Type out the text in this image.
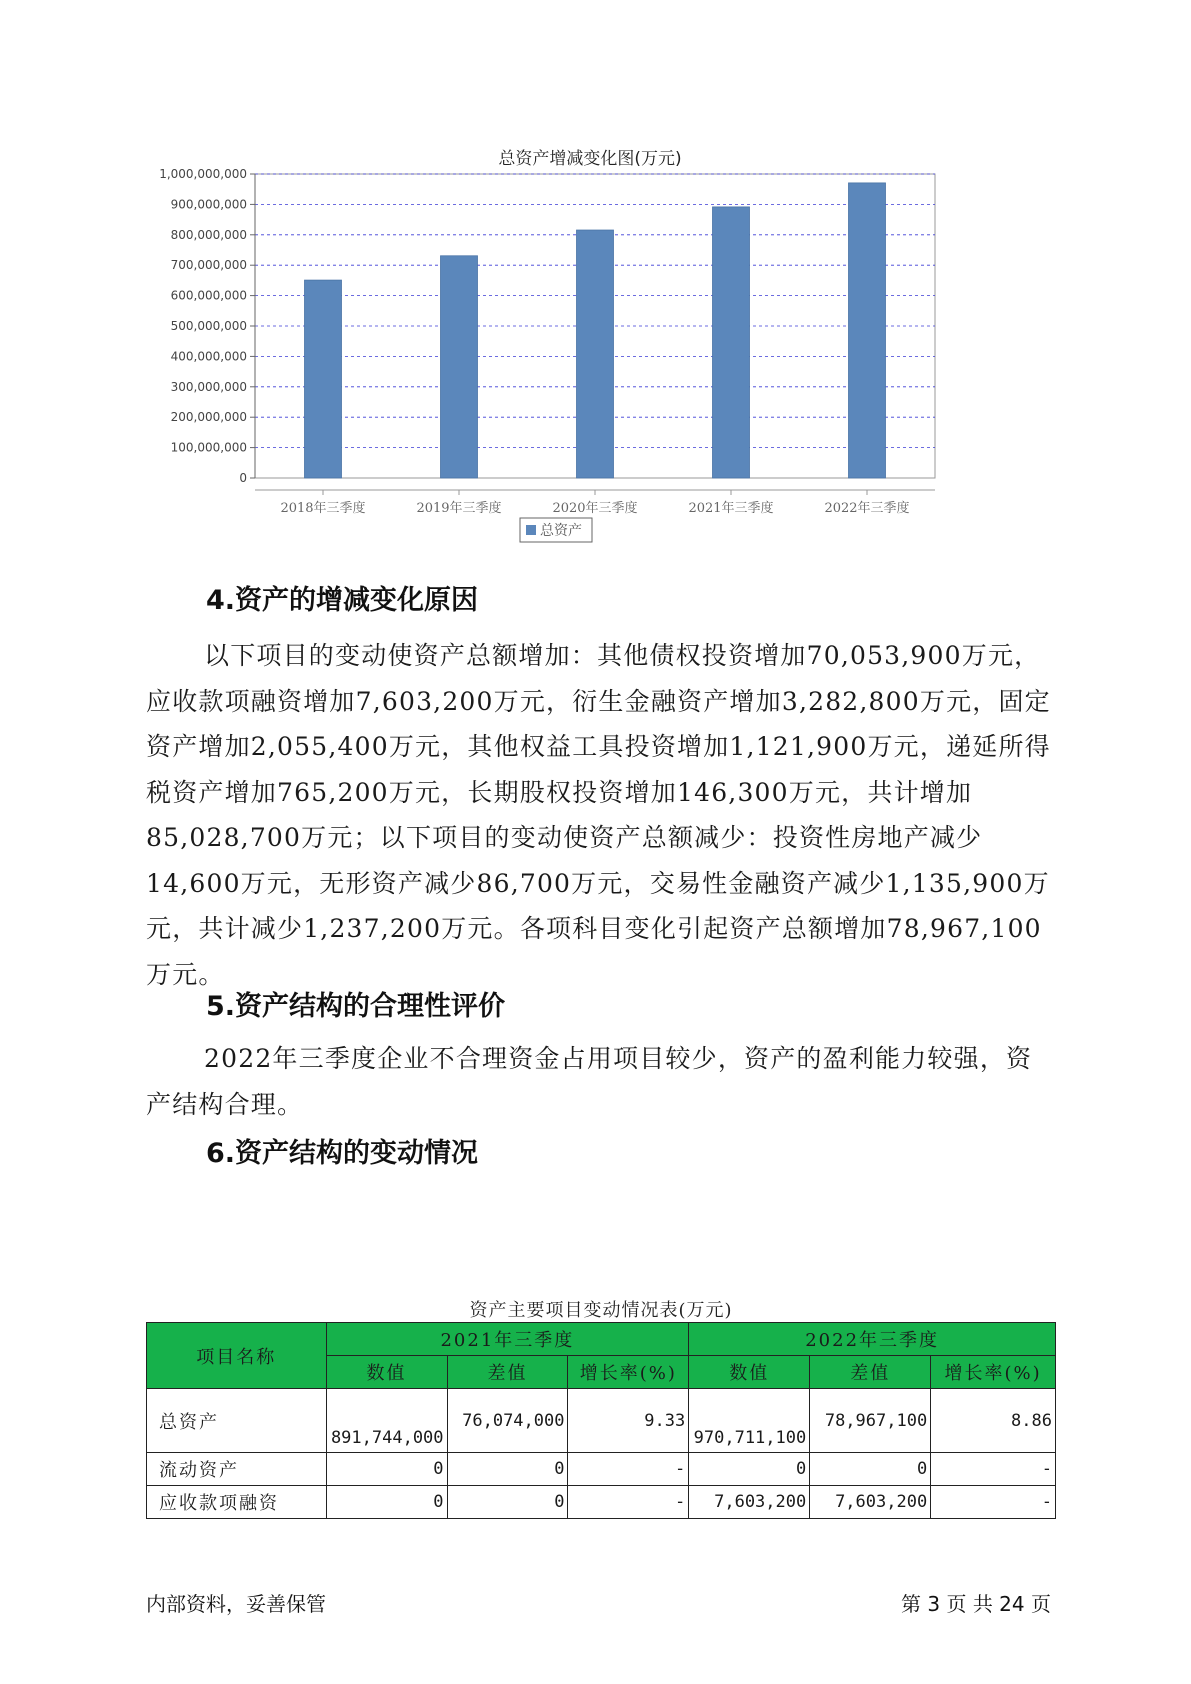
总资产增减变化图(万元)
0
100,000,000
200,000,000
300,000,000
400,000,000
500,000,000
600,000,000
700,000,000
800,000,000
900,000,000
1,000,000,000
2018年三季度	2019年三季度	2020年三季度	2021年三季度	2022年三季度
总资产
4.资产的增减变化原因

以下项目的变动使资产总额增加：其他债权投资增加70,053,900万元，应收款项融资增加7,603,200万元，衍生金融资产增加3,282,800万元，固定资产增加2,055,400万元，其他权益工具投资增加1,121,900万元，递延所得税资产增加765,200万元，长期股权投资增加146,300万元，共计增加85,028,700万元；以下项目的变动使资产总额减少：投资性房地产减少14,600万元，无形资产减少86,700万元，交易性金融资产减少1,135,900万元，共计减少1,237,200万元。各项科目变化引起资产总额增加78,967,100万元。

5.资产结构的合理性评价

2022年三季度企业不合理资金占用项目较少，资产的盈利能力较强，资产结构合理。

6.资产结构的变动情况
资产主要项目变动情况表(万元)
项目名称	2021年三季度			2022年三季度		
	数值	差值	增长率(%)	数值	差值	增长率(%)
总资产	891,744,000	76,074,000	9.33	970,711,100	78,967,100	8.86
流动资产	0	0	-	0	0	-
应收款项融资	0	0	-	7,603,200	7,603,200	-
内部资料，妥善保管	第 3 页 共 24 页
